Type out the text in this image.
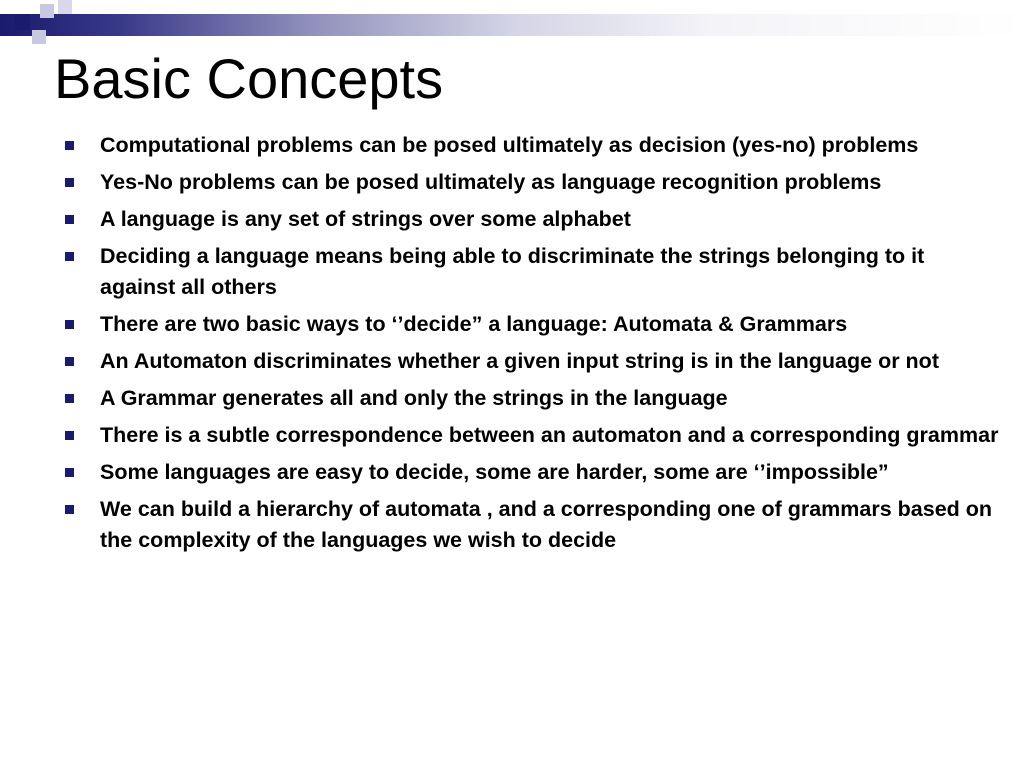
Basic Concepts
Computational problems can be posed ultimately as decision (yes-no) problems
Yes-No problems can be posed ultimately as language recognition problems
A language is any set of strings over some alphabet
Deciding a language means being able to discriminate the strings belonging to it against all others
There are two basic ways to ‘’decide” a language: Automata & Grammars
An Automaton discriminates whether a given input string is in the language or not
A Grammar generates all and only the strings in the language
There is a subtle correspondence between an automaton and a corresponding grammar
Some languages are easy to decide, some are harder, some are ‘’impossible”
We can build a hierarchy of automata , and a corresponding one of grammars based on the complexity of the languages we wish to decide
